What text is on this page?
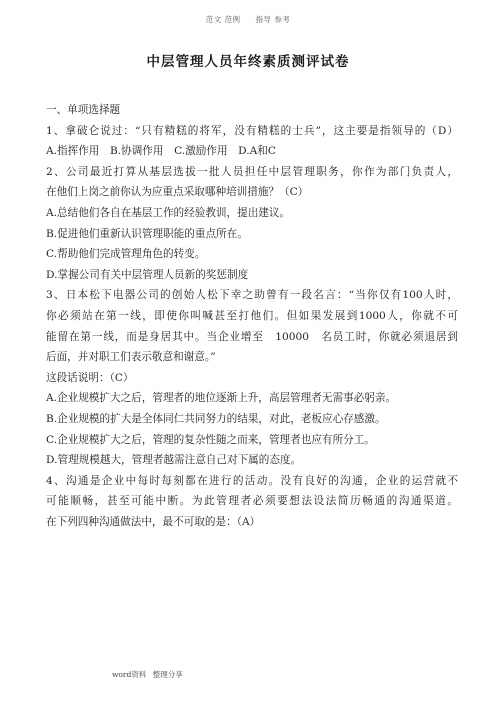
范文 范例 指导 参考
中层管理人员年终素质测评试卷
一、单项选择题
1、拿破仑说过：“只有精糕的将军，没有精糕的士兵”，这主要是指领导的（D）
A.指挥作用　B.协调作用　C.激励作用　D.A和C
2、公司最近打算从基层选拔一批人员担任中层管理职务，你作为部门负责人，
在他们上岗之前你认为应重点采取哪种培训措施？（C）
A.总结他们各自在基层工作的经验教训，提出建议。
B.促进他们重新认识管理职能的重点所在。
C.帮助他们完成管理角色的转变。
D.掌握公司有关中层管理人员新的奖惩制度
3、日本松下电器公司的创始人松下幸之助曾有一段名言：“当你仅有100人时，
你必须站在第一线，即使你叫喊甚至打他们。但如果发展到1000人，你就不可
能留在第一线，而是身居其中。当企业增至　10000　名员工时，你就必须退居到
后面，并对职工们表示敬意和谢意。”
这段话说明：（C）
A.企业规模扩大之后，管理者的地位逐渐上升，高层管理者无需事必躬亲。
B.企业规模的扩大是全体同仁共同努力的结果，对此，老板应心存感激。
C.企业规模扩大之后，管理的复杂性随之而来，管理者也应有所分工。
D.管理规模越大，管理者越需注意自己对下属的态度。
4、沟通是企业中每时每刻都在进行的活动。没有良好的沟通，企业的运营就不
可能顺畅，甚至可能中断。为此管理者必须要想法设法简历畅通的沟通渠道。
在下列四种沟通做法中，最不可取的是：（A）
word资料 整理分享
